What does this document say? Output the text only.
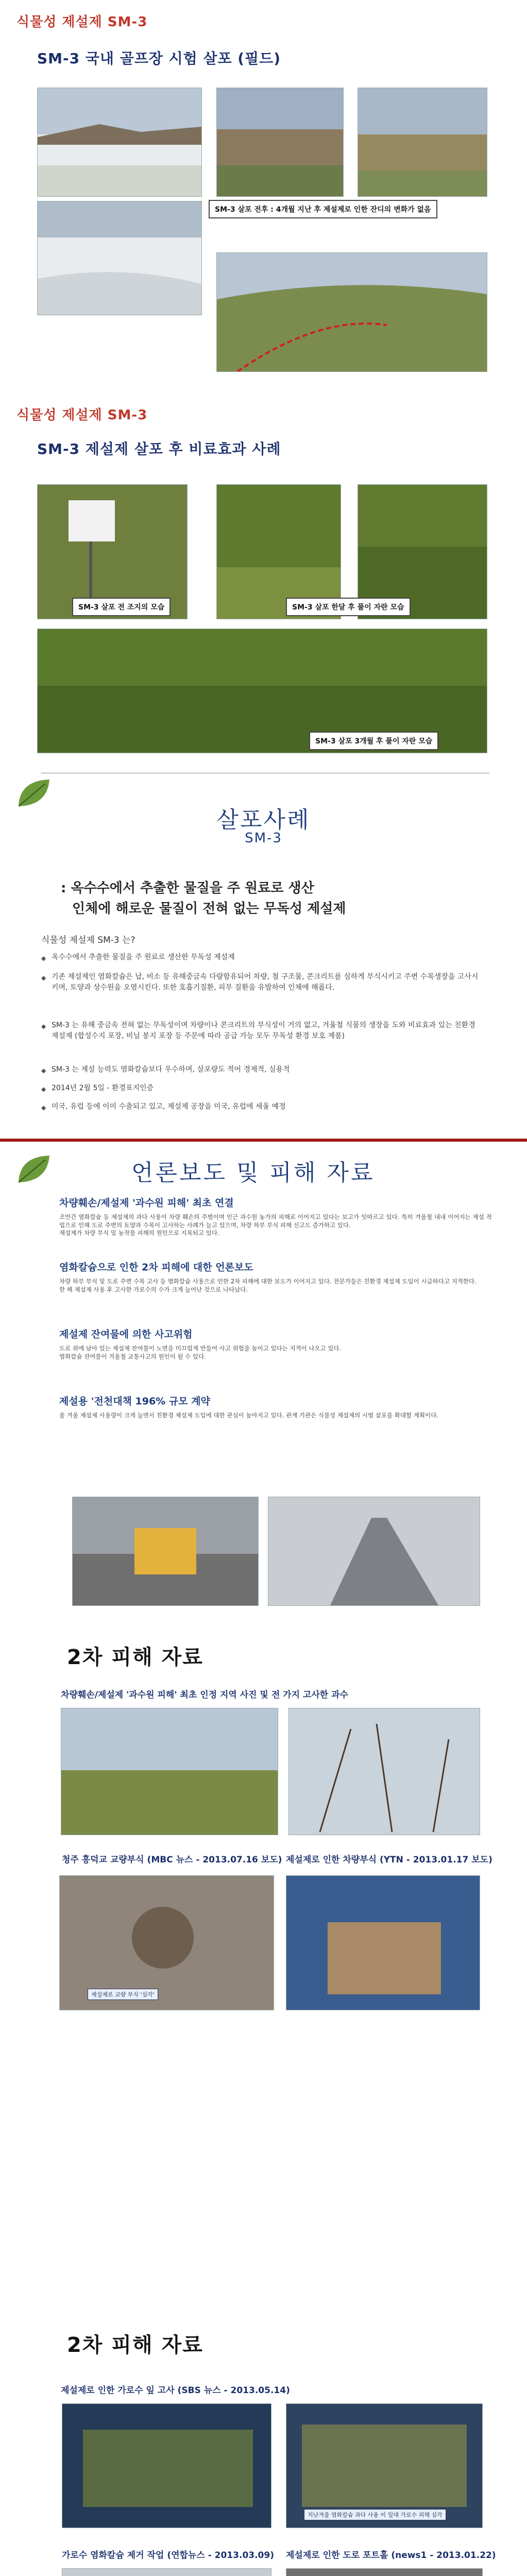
식물성 제설제 SM-3
SM-3 국내 골프장 시험 살포 (필드)
SM-3 살포 전후 : 4개월 지난 후 제설제로 인한 잔디의 변화가 없음
식물성 제설제 SM-3
SM-3 제설제 살포 후 비료효과 사례
SM-3 살포 전 조지의 모습	SM-3 살포 한달 후 풀이 자란 모습
SM-3 살포 3개월 후 풀이 자란 모습
살포사례
SM-3
: 옥수수에서 추출한 물질을 주 원료로 생산
인체에 해로운 물질이 전혀 없는 무독성 제설제
식물성 제설제 SM-3 는?
◆ 옥수수에서 추출한 물질을 주 원료로 생산한 무독성 제설제
◆ 기존 제설제인 염화칼슘은 납, 비소 등 유해중금속 다량함유되어 차량, 철 구조물, 콘크리트를 심하게 부식시키고 주변 수목생장을 고사시키며, 토양과 상수원을 오염시킨다. 또한 호흡기질환, 피부 질환을 유발하여 인체에 해롭다.
◆ SM-3 는 유해 중금속 전혀 없는 무독성이며 차량이나 콘크리트의 부식성이 거의 없고, 겨울철 식물의 생장을 도와 비료효과 있는 친환경 제설제 (합성수지 포장, 비닐 봉지 포장 등 주문에 따라 공급 가능 모두 무독성 환경 보호 제품)
◆ SM-3 는 제설 능력도 염화칼슘보다 우수하며, 살포량도 적어 경제적, 실용적
◆ 2014년 2월 5일 - 환경표지인증
◆ 미국, 유럽 등에 이미 수출되고 있고, 제설제 공장을 미국, 유럽에 세울 예정
언론보도 및 피해 자료
차량훼손/제설제 '과수원 피해' 최초 연결
조만간 염화칼슘 등 제설제의 과다 사용이 차량 훼손의 주범이며 인근 과수원 농가의 피해로 이어지고 있다는 보고가 잇따르고 있다. 특히 겨울철 내내 이어지는 제설 작업으로 인해 도로 주변의 토양과 수목이 고사하는 사례가 늘고 있으며, 차량 하부 부식 피해 신고도 증가하고 있다.
제설제가 차량 부식 및 농작물 피해의 원인으로 지목되고 있다.
염화칼슘으로 인한 2차 피해에 대한 언론보도
차량 하부 부식 및 도로 주변 수목 고사 등 염화칼슘 사용으로 인한 2차 피해에 대한 보도가 이어지고 있다. 전문가들은 친환경 제설제 도입이 시급하다고 지적한다.
한 해 제설제 사용 후 고사한 가로수의 수가 크게 늘어난 것으로 나타났다.
제설제 잔여물에 의한 사고위험
도로 위에 남아 있는 제설제 잔여물이 노면을 미끄럽게 만들어 사고 위험을 높이고 있다는 지적이 나오고 있다.
염화칼슘 잔여물이 겨울철 교통사고의 원인이 될 수 있다.
제설용 '전천대책 196% 규모 계약
올 겨울 제설제 사용량이 크게 늘면서 친환경 제설제 도입에 대한 관심이 높아지고 있다. 관계 기관은 식물성 제설제의 시범 살포를 확대할 계획이다.
2차 피해 자료
차량훼손/제설제 '과수원 피해' 최초 인정 지역 사진 및 전 가지 고사한 과수
청주 흥덕교 교량부식 (MBC 뉴스 - 2013.07.16 보도) 제설제로 인한 차량부식 (YTN - 2013.01.17 보도)
제설제로 교량 부식 '심각'
2차 피해 자료
제설제로 인한 가로수 잎 고사 (SBS 뉴스 - 2013.05.14)
지난겨울 염화칼슘 과다 사용 이 일대 가로수 피해 심각
가로수 염화칼슘 제거 작업 (연합뉴스 - 2013.03.09) 제설제로 인한 도로 포트홀 (news1 - 2013.01.22)
